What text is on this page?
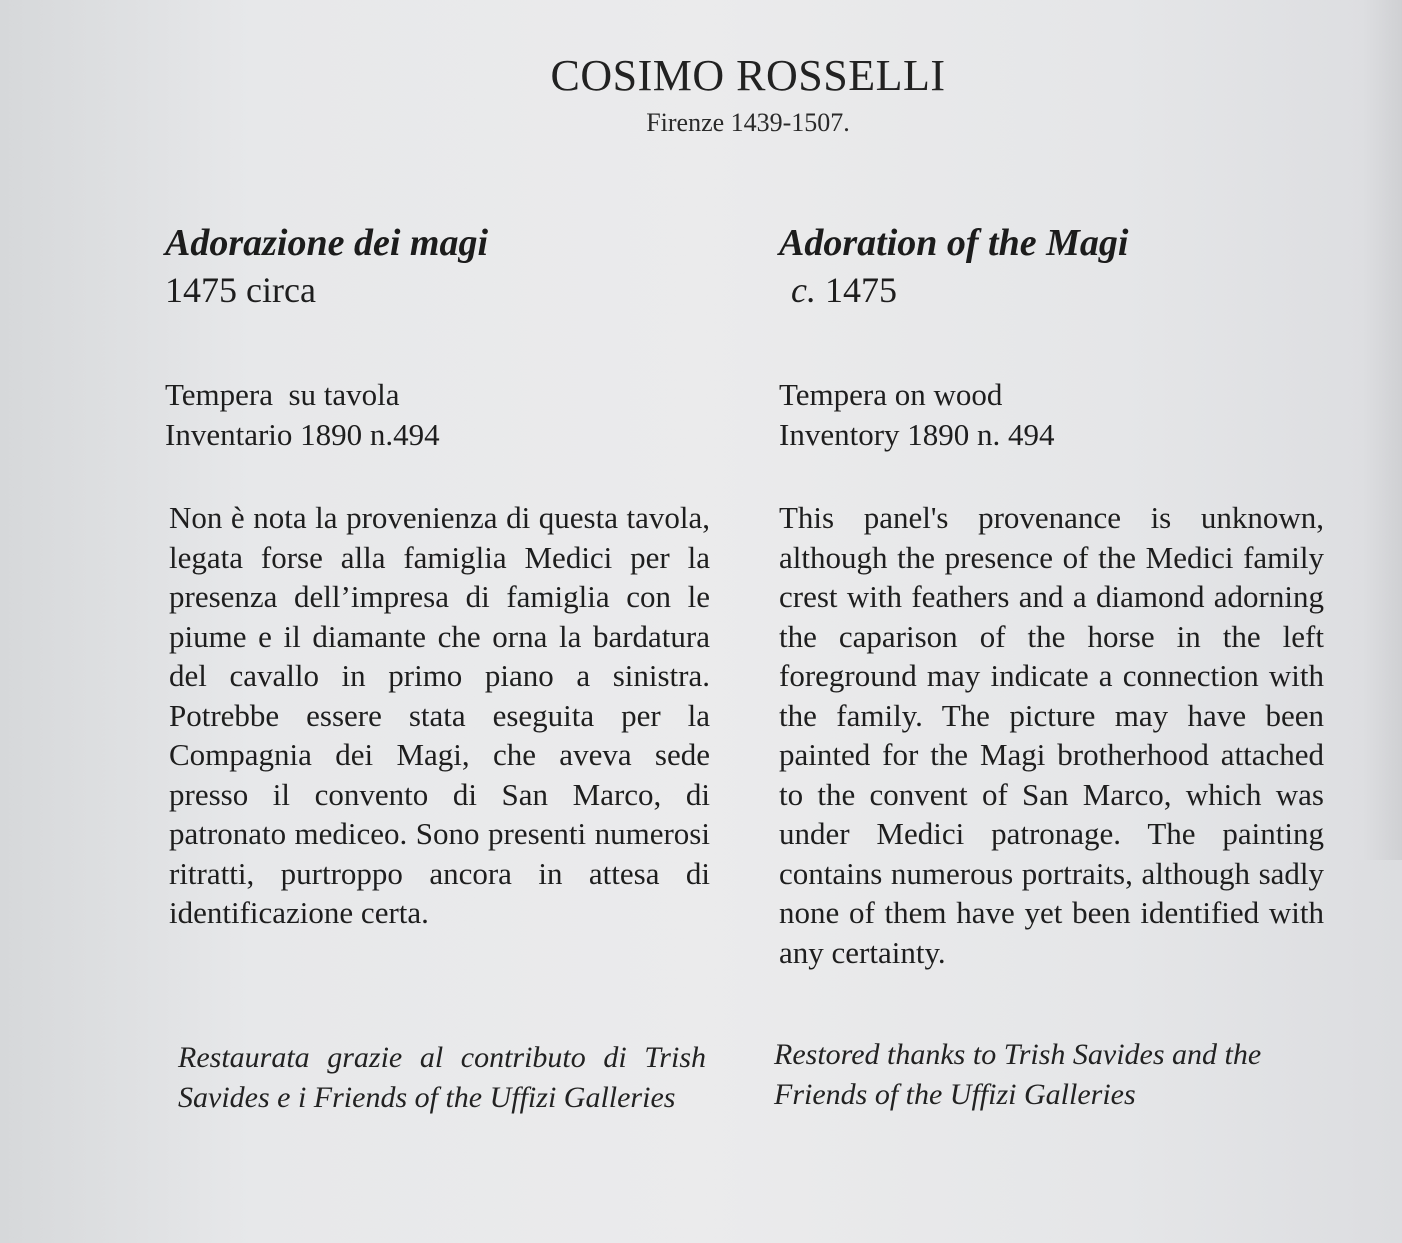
COSIMO ROSSELLI
Firenze 1439-1507.
Adorazione dei magi
1475 circa
Tempera  su tavola
Inventario 1890 n.494
Non è nota la provenienza di questa tavola, legata forse alla famiglia Medici per la presenza dell’impresa di famiglia con le piume e il diamante che orna la bardatura del cavallo in primo piano a sinistra. Potrebbe essere stata eseguita per la Compagnia dei Magi, che aveva sede presso il convento di San Marco, di patronato mediceo. Sono presenti numerosi ritratti, purtroppo ancora in attesa di identificazione certa.
Adoration of the Magi
c. 1475
Tempera on wood
Inventory 1890 n. 494
This panel's provenance is unknown, although the presence of the Medici family crest with feathers and a diamond adorning the caparison of the horse in the left foreground may indicate a connection with the family. The picture may have been painted for the Magi brotherhood attached to the convent of San Marco, which was under Medici patronage. The painting contains numerous portraits, although sadly none of them have yet been identified with any certainty.
Restaurata grazie al contributo di Trish Savides e i Friends of the Uffizi Galleries
Restored thanks to Trish Savides and the Friends of the Uffizi Galleries
